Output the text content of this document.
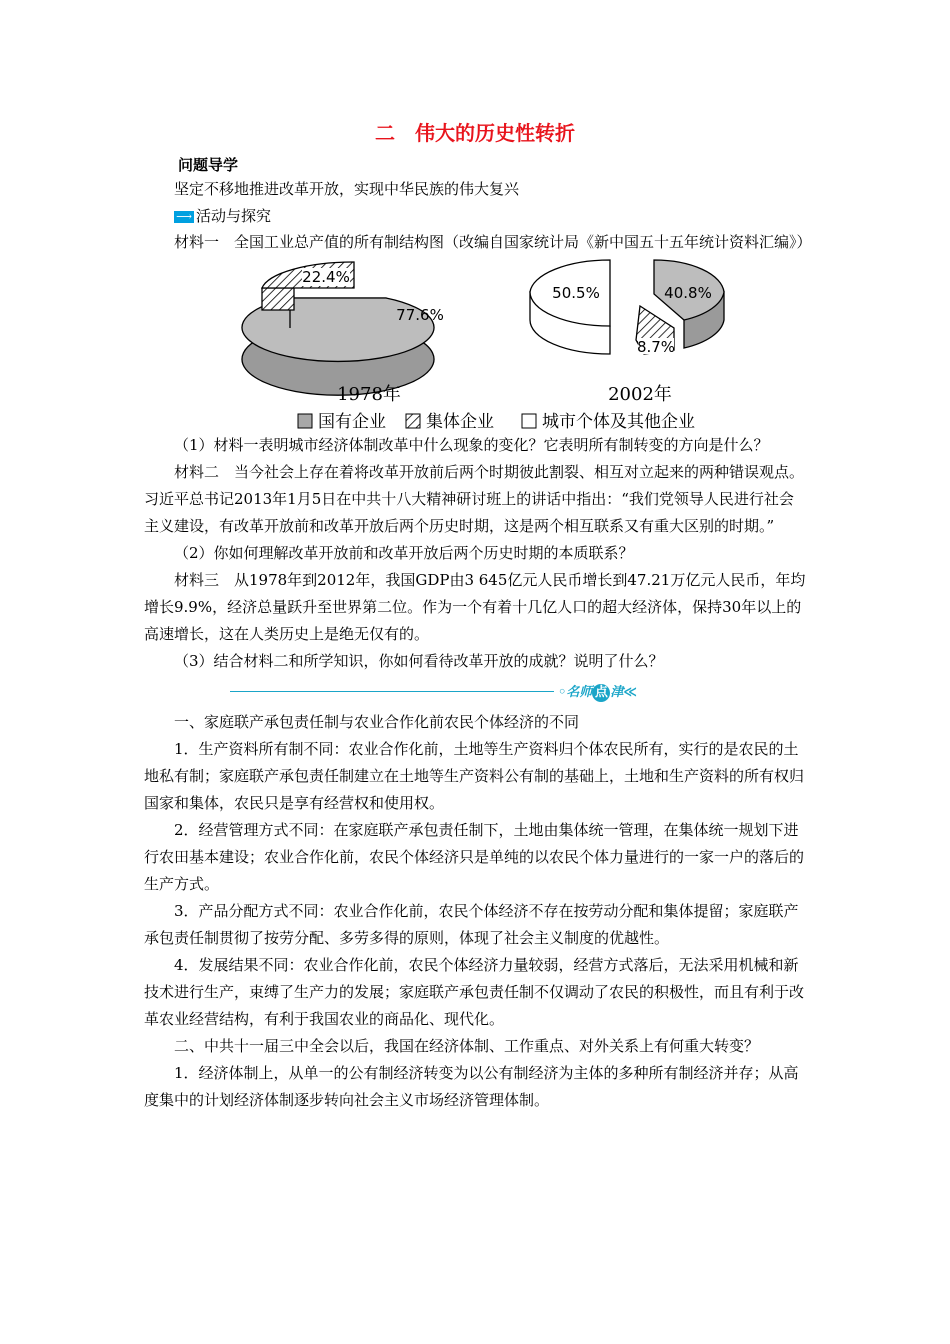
二 伟大的历史性转折
问题导学

坚定不移地推进改革开放，实现中华民族的伟大复兴

⟶ 活动与探究

材料一　全国工业总产值的所有制结构图（改编自国家统计局《新中国五十五年统计资料汇编》）

22.4%
77.6%
1978年
50.5%	40.8%
8.7%
2002年
国有企业 集体企业	城市个体及其他企业

（1）材料一表明城市经济体制改革中什么现象的变化？它表明所有制转变的方向是什么？

材料二　当今社会上存在着将改革开放前后两个时期彼此割裂、相互对立起来的两种错误观点。习近平总书记2013年1月5日在中共十八大精神研讨班上的讲话中指出：“我们党领导人民进行社会主义建设，有改革开放前和改革开放后两个历史时期，这是两个相互联系又有重大区别的时期。”

（2）你如何理解改革开放前和改革开放后两个历史时期的本质联系？

材料三　从1978年到2012年，我国GDP由3 645亿元人民币增长到47.21万亿元人民币，年均增长9.9%，经济总量跃升至世界第二位。作为一个有着十几亿人口的超大经济体，保持30年以上的高速增长，这在人类历史上是绝无仅有的。

（3）结合材料二和所学知识，你如何看待改革开放的成就？说明了什么？

◦名师 点 津≪

一、家庭联产承包责任制与农业合作化前农民个体经济的不同

1．生产资料所有制不同：农业合作化前，土地等生产资料归个体农民所有，实行的是农民的土地私有制；家庭联产承包责任制建立在土地等生产资料公有制的基础上，土地和生产资料的所有权归国家和集体，农民只是享有经营权和使用权。

2．经营管理方式不同：在家庭联产承包责任制下，土地由集体统一管理，在集体统一规划下进行农田基本建设；农业合作化前，农民个体经济只是单纯的以农民个体力量进行的一家一户的落后的生产方式。

3．产品分配方式不同：农业合作化前，农民个体经济不存在按劳动分配和集体提留；家庭联产承包责任制贯彻了按劳分配、多劳多得的原则，体现了社会主义制度的优越性。

4．发展结果不同：农业合作化前，农民个体经济力量较弱，经营方式落后，无法采用机械和新技术进行生产，束缚了生产力的发展；家庭联产承包责任制不仅调动了农民的积极性，而且有利于改革农业经营结构，有利于我国农业的商品化、现代化。

二、中共十一届三中全会以后，我国在经济体制、工作重点、对外关系上有何重大转变？

1．经济体制上，从单一的公有制经济转变为以公有制经济为主体的多种所有制经济并存；从高度集中的计划经济体制逐步转向社会主义市场经济管理体制。
